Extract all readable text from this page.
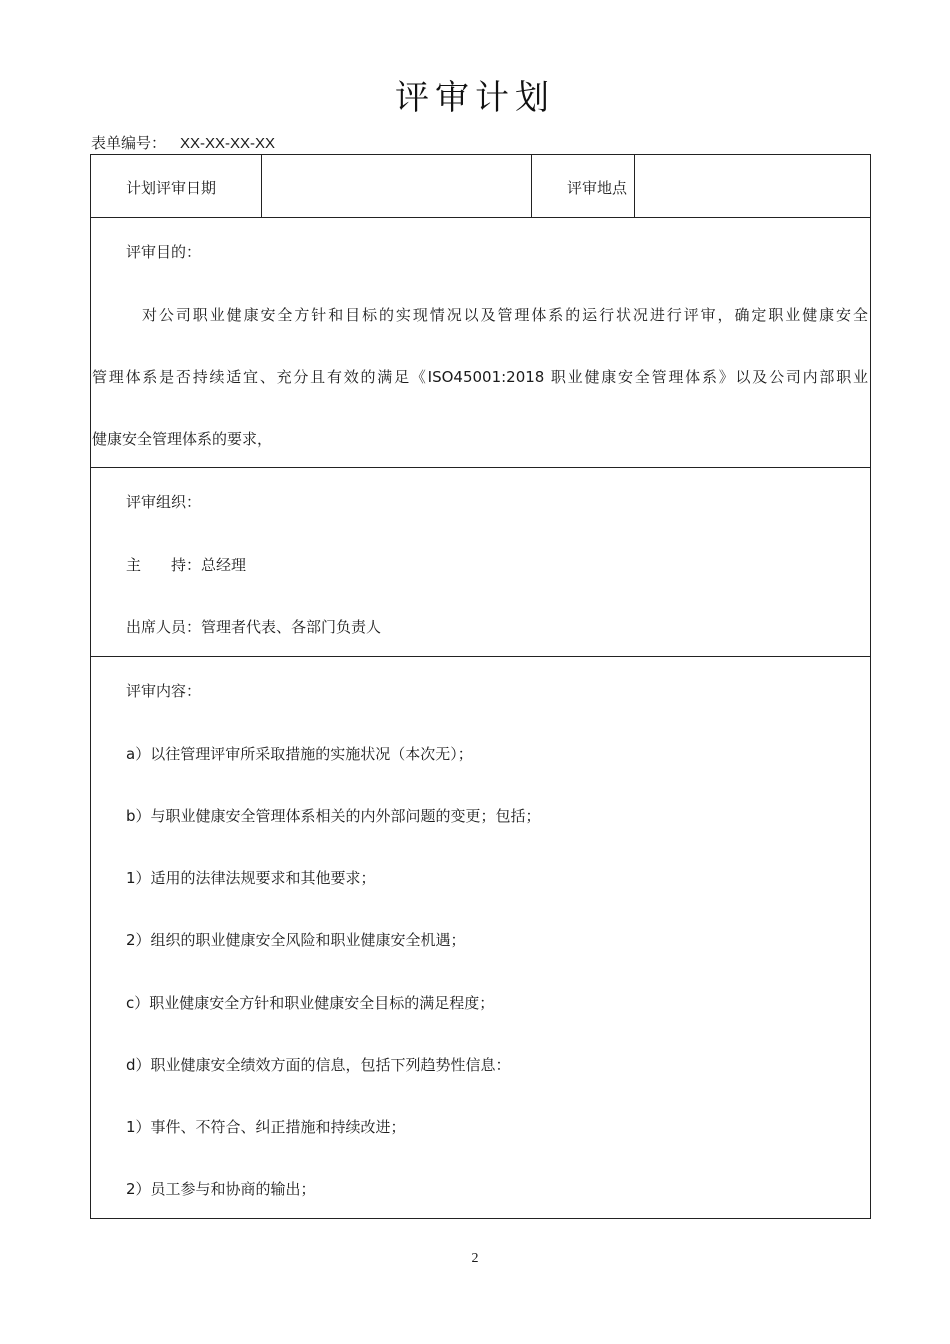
评审计划
表单编号： XX-XX-XX-XX
计划评审日期	评审地点
评审目的：
对公司职业健康安全方针和目标的实现情况以及管理体系的运行状况进行评审，确定职业健康安全
管理体系是否持续适宜、充分且有效的满足《ISO45001:2018 职业健康安全管理体系》以及公司内部职业
健康安全管理体系的要求，
评审组织：
主　　持：总经理
出席人员：管理者代表、各部门负责人
评审内容：
a）以往管理评审所采取措施的实施状况（本次无）；
b）与职业健康安全管理体系相关的内外部问题的变更；包括；
1）适用的法律法规要求和其他要求；
2）组织的职业健康安全风险和职业健康安全机遇；
c）职业健康安全方针和职业健康安全目标的满足程度；
d）职业健康安全绩效方面的信息，包括下列趋势性信息：
1）事件、不符合、纠正措施和持续改进；
2）员工参与和协商的输出；
2
